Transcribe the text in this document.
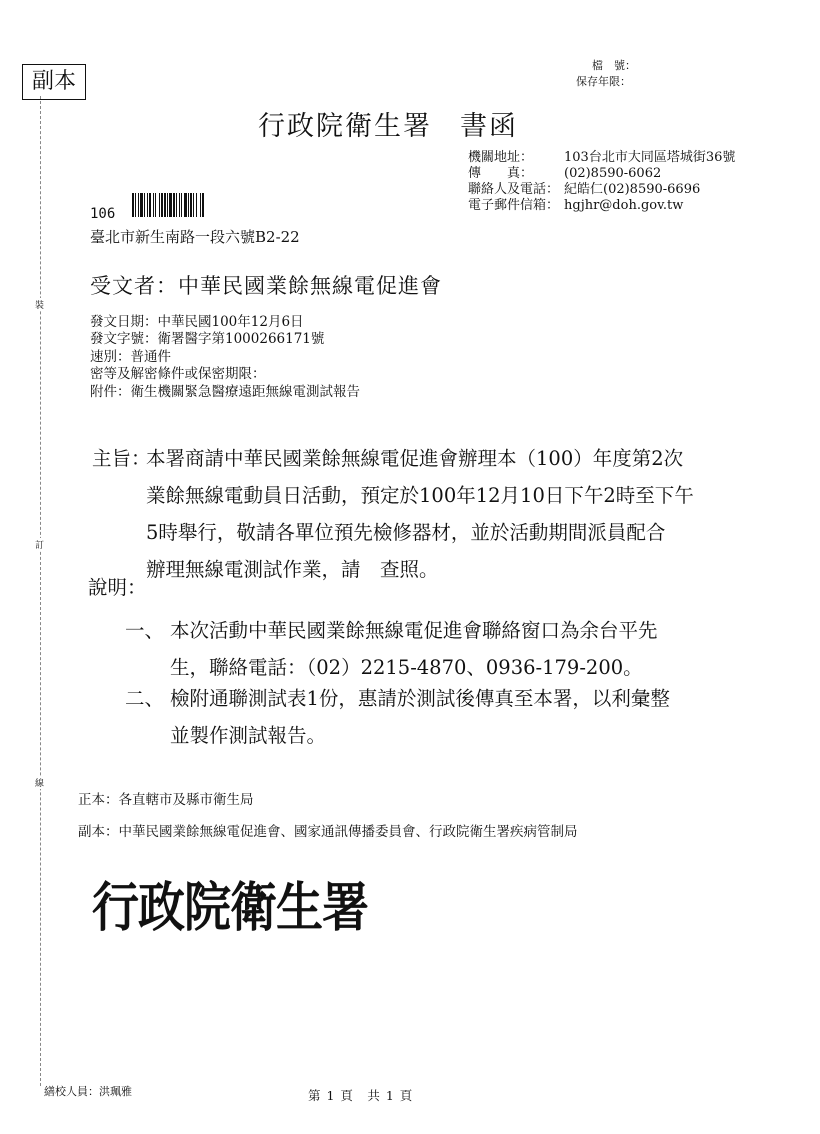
裝
訂
線
副本
檔　號：
保存年限：
行政院衛生署 書函
機關地址： 103台北市大同區塔城街36號
傳　　真： (02)8590-6062
聯絡人及電話： 紀皓仁(02)8590-6696
電子郵件信箱： hgjhr@doh.gov.tw
106
臺北市新生南路一段六號B2-22
受文者：中華民國業餘無線電促進會
發文日期：中華民國100年12月6日
發文字號：衛署醫字第1000266171號
速別：普通件
密等及解密條件或保密期限：
附件：衛生機關緊急醫療遠距無線電測試報告
主旨：本署商請中華民國業餘無線電促進會辦理本（100）年度第2次
業餘無線電動員日活動，預定於100年12月10日下午2時至下午
5時舉行，敬請各單位預先檢修器材，並於活動期間派員配合
辦理無線電測試作業，請　查照。
說明：
一、 本次活動中華民國業餘無線電促進會聯絡窗口為余台平先
生，聯絡電話：（02）2215-4870、0936-179-200。
二、 檢附通聯測試表1份，惠請於測試後傳真至本署，以利彙整
並製作測試報告。
正本：各直轄市及縣市衛生局
副本：中華民國業餘無線電促進會、國家通訊傳播委員會、行政院衛生署疾病管制局
行政院衛生署
繕校人員：洪珮雅	第 1 頁　共 1 頁
